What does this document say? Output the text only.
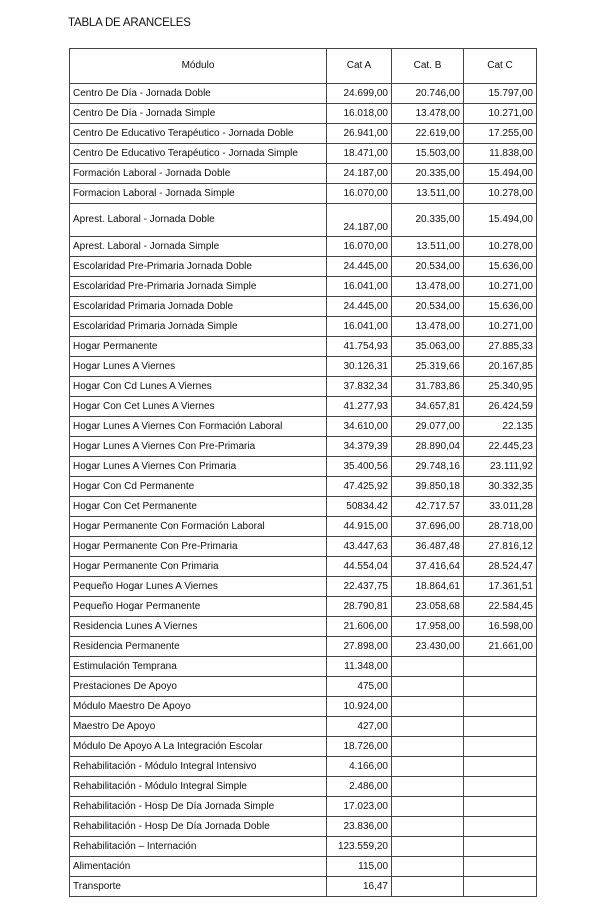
TABLA DE ARANCELES
Módulo	Cat A	Cat. B	Cat C
Centro De Día - Jornada Doble	24.699,00	20.746,00	15.797,00
Centro De Día - Jornada Simple	16.018,00	13.478,00	10.271,00
Centro De Educativo Terapéutico - Jornada Doble	26.941,00	22.619,00	17.255,00
Centro De Educativo Terapéutico - Jornada Simple	18.471,00	15.503,00	11.838,00
Formación Laboral - Jornada Doble	24.187,00	20.335,00	15.494,00
Formacion Laboral - Jornada Simple	16.070,00	13.511,00	10.278,00
Aprest. Laboral - Jornada Doble	24.187,00	20.335,00	15.494,00
Aprest. Laboral - Jornada Simple	16.070,00	13.511,00	10.278,00
Escolaridad Pre-Primaria Jornada Doble	24.445,00	20.534,00	15.636,00
Escolaridad Pre-Primaria Jornada Simple	16.041,00	13.478,00	10.271,00
Escolaridad Primaria Jornada Doble	24.445,00	20.534,00	15.636,00
Escolaridad Primaria Jornada Simple	16.041,00	13.478,00	10.271,00
Hogar Permanente	41.754,93	35.063,00	27.885,33
Hogar Lunes A Viernes	30.126,31	25.319,66	20.167,85
Hogar Con Cd Lunes A Viernes	37.832,34	31.783,86	25.340,95
Hogar Con Cet Lunes A Viernes	41.277,93	34.657,81	26.424,59
Hogar Lunes A Viernes Con Formación Laboral	34.610,00	29.077,00	22.135
Hogar Lunes A Viernes Con Pre-Primaria	34.379,39	28.890,04	22.445,23
Hogar Lunes A Viernes Con Primaria	35.400,56	29.748,16	23.111,92
Hogar Con Cd Permanente	47.425,92	39.850,18	30.332,35
Hogar Con Cet Permanente	50834.42	42.717.57	33.011,28
Hogar Permanente Con Formación Laboral	44.915,00	37.696,00	28.718,00
Hogar Permanente Con Pre-Primaria	43.447,63	36.487,48	27.816,12
Hogar Permanente Con Primaria	44.554,04	37.416,64	28.524,47
Pequeño Hogar Lunes A Viernes	22.437,75	18.864,61	17.361,51
Pequeño Hogar Permanente	28.790,81	23.058,68	22.584,45
Residencia Lunes A Viernes	21.606,00	17.958,00	16.598,00
Residencia Permanente	27.898,00	23.430,00	21.661,00
Estimulación Temprana	11.348,00		
Prestaciones De Apoyo	475,00		
Módulo Maestro De Apoyo	10.924,00		
Maestro De Apoyo	427,00		
Módulo De Apoyo A La Integración Escolar	18.726,00		
Rehabilitación - Módulo Integral Intensivo	4.166,00		
Rehabilitación - Módulo Integral Simple	2.486,00		
Rehabilitación - Hosp De Día Jornada Simple	17.023,00		
Rehabilitación - Hosp De Día Jornada Doble	23.836,00		
Rehabilitación – Internación	123.559,20		
Alimentación	115,00		
Transporte	16,47		
